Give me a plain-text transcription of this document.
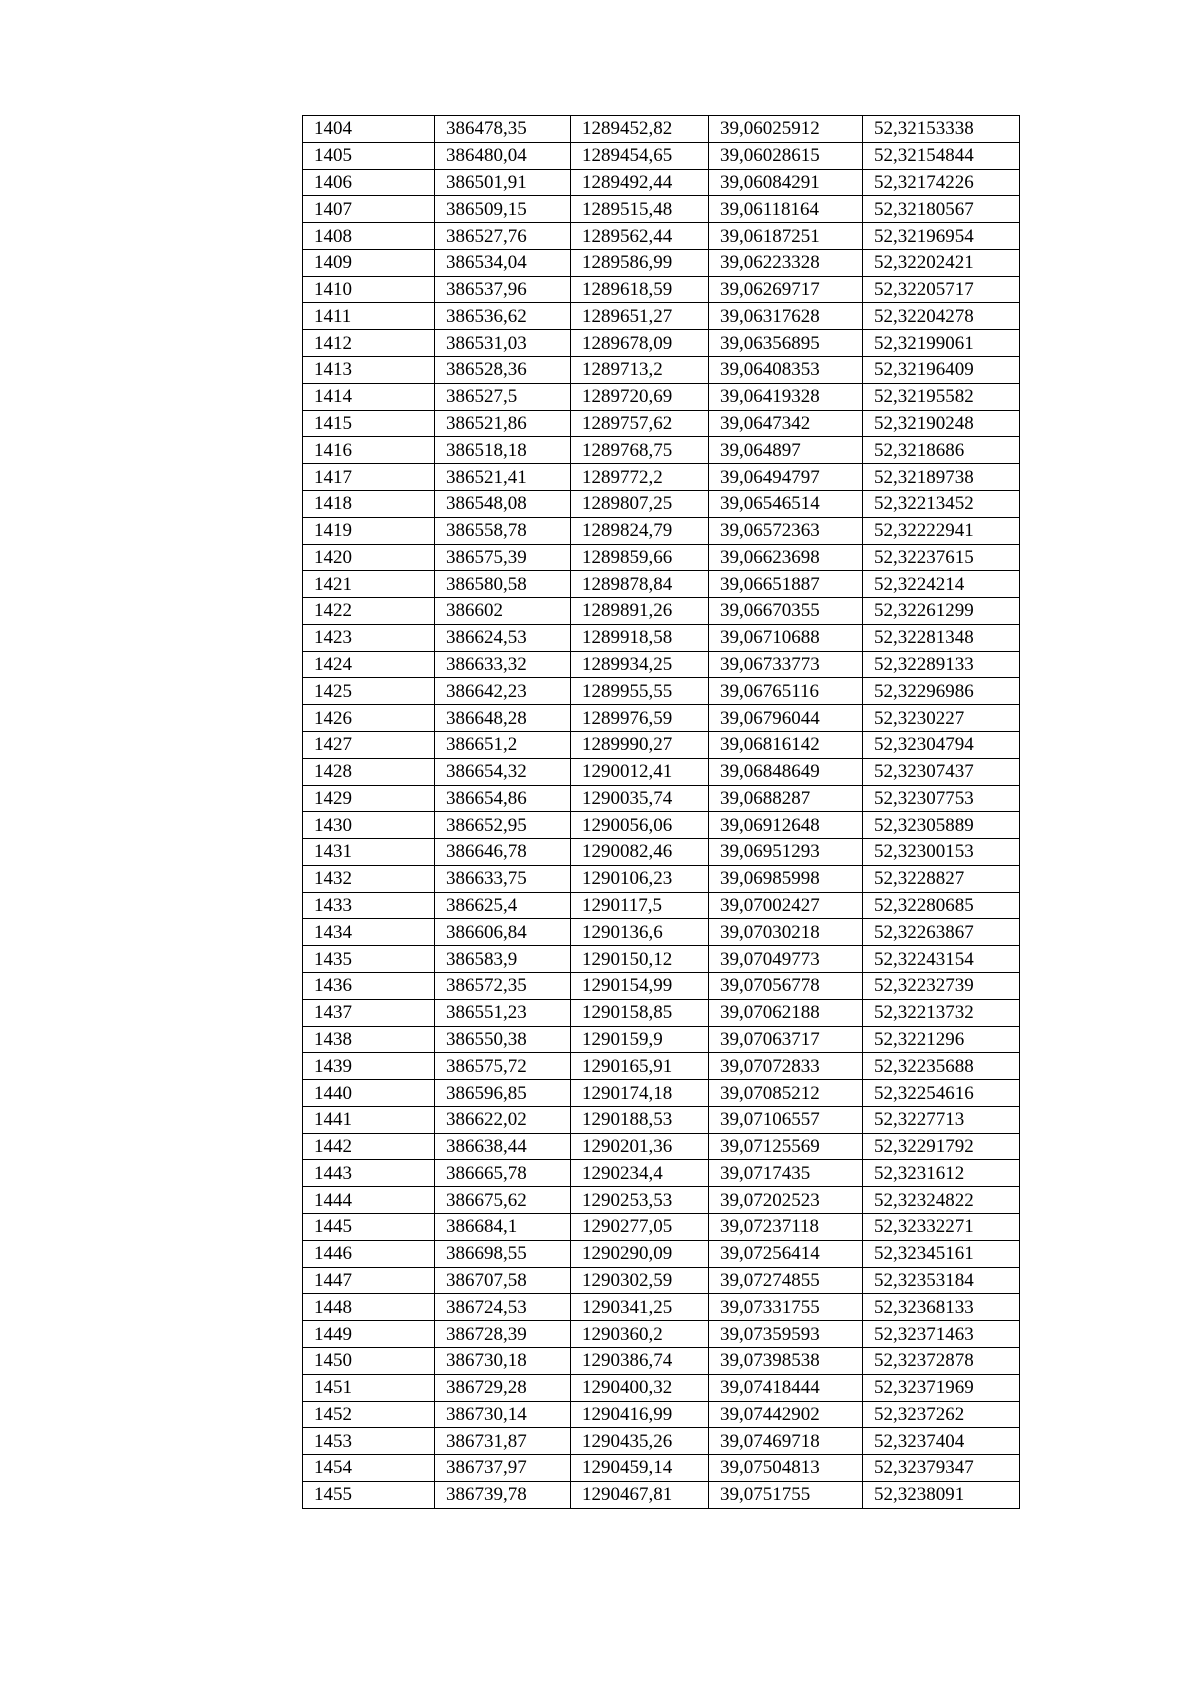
1404	386478,35	1289452,82	39,06025912	52,32153338
1405	386480,04	1289454,65	39,06028615	52,32154844
1406	386501,91	1289492,44	39,06084291	52,32174226
1407	386509,15	1289515,48	39,06118164	52,32180567
1408	386527,76	1289562,44	39,06187251	52,32196954
1409	386534,04	1289586,99	39,06223328	52,32202421
1410	386537,96	1289618,59	39,06269717	52,32205717
1411	386536,62	1289651,27	39,06317628	52,32204278
1412	386531,03	1289678,09	39,06356895	52,32199061
1413	386528,36	1289713,2	39,06408353	52,32196409
1414	386527,5	1289720,69	39,06419328	52,32195582
1415	386521,86	1289757,62	39,0647342	52,32190248
1416	386518,18	1289768,75	39,064897	52,3218686
1417	386521,41	1289772,2	39,06494797	52,32189738
1418	386548,08	1289807,25	39,06546514	52,32213452
1419	386558,78	1289824,79	39,06572363	52,32222941
1420	386575,39	1289859,66	39,06623698	52,32237615
1421	386580,58	1289878,84	39,06651887	52,3224214
1422	386602	1289891,26	39,06670355	52,32261299
1423	386624,53	1289918,58	39,06710688	52,32281348
1424	386633,32	1289934,25	39,06733773	52,32289133
1425	386642,23	1289955,55	39,06765116	52,32296986
1426	386648,28	1289976,59	39,06796044	52,3230227
1427	386651,2	1289990,27	39,06816142	52,32304794
1428	386654,32	1290012,41	39,06848649	52,32307437
1429	386654,86	1290035,74	39,0688287	52,32307753
1430	386652,95	1290056,06	39,06912648	52,32305889
1431	386646,78	1290082,46	39,06951293	52,32300153
1432	386633,75	1290106,23	39,06985998	52,3228827
1433	386625,4	1290117,5	39,07002427	52,32280685
1434	386606,84	1290136,6	39,07030218	52,32263867
1435	386583,9	1290150,12	39,07049773	52,32243154
1436	386572,35	1290154,99	39,07056778	52,32232739
1437	386551,23	1290158,85	39,07062188	52,32213732
1438	386550,38	1290159,9	39,07063717	52,3221296
1439	386575,72	1290165,91	39,07072833	52,32235688
1440	386596,85	1290174,18	39,07085212	52,32254616
1441	386622,02	1290188,53	39,07106557	52,3227713
1442	386638,44	1290201,36	39,07125569	52,32291792
1443	386665,78	1290234,4	39,0717435	52,3231612
1444	386675,62	1290253,53	39,07202523	52,32324822
1445	386684,1	1290277,05	39,07237118	52,32332271
1446	386698,55	1290290,09	39,07256414	52,32345161
1447	386707,58	1290302,59	39,07274855	52,32353184
1448	386724,53	1290341,25	39,07331755	52,32368133
1449	386728,39	1290360,2	39,07359593	52,32371463
1450	386730,18	1290386,74	39,07398538	52,32372878
1451	386729,28	1290400,32	39,07418444	52,32371969
1452	386730,14	1290416,99	39,07442902	52,3237262
1453	386731,87	1290435,26	39,07469718	52,3237404
1454	386737,97	1290459,14	39,07504813	52,32379347
1455	386739,78	1290467,81	39,0751755	52,3238091
